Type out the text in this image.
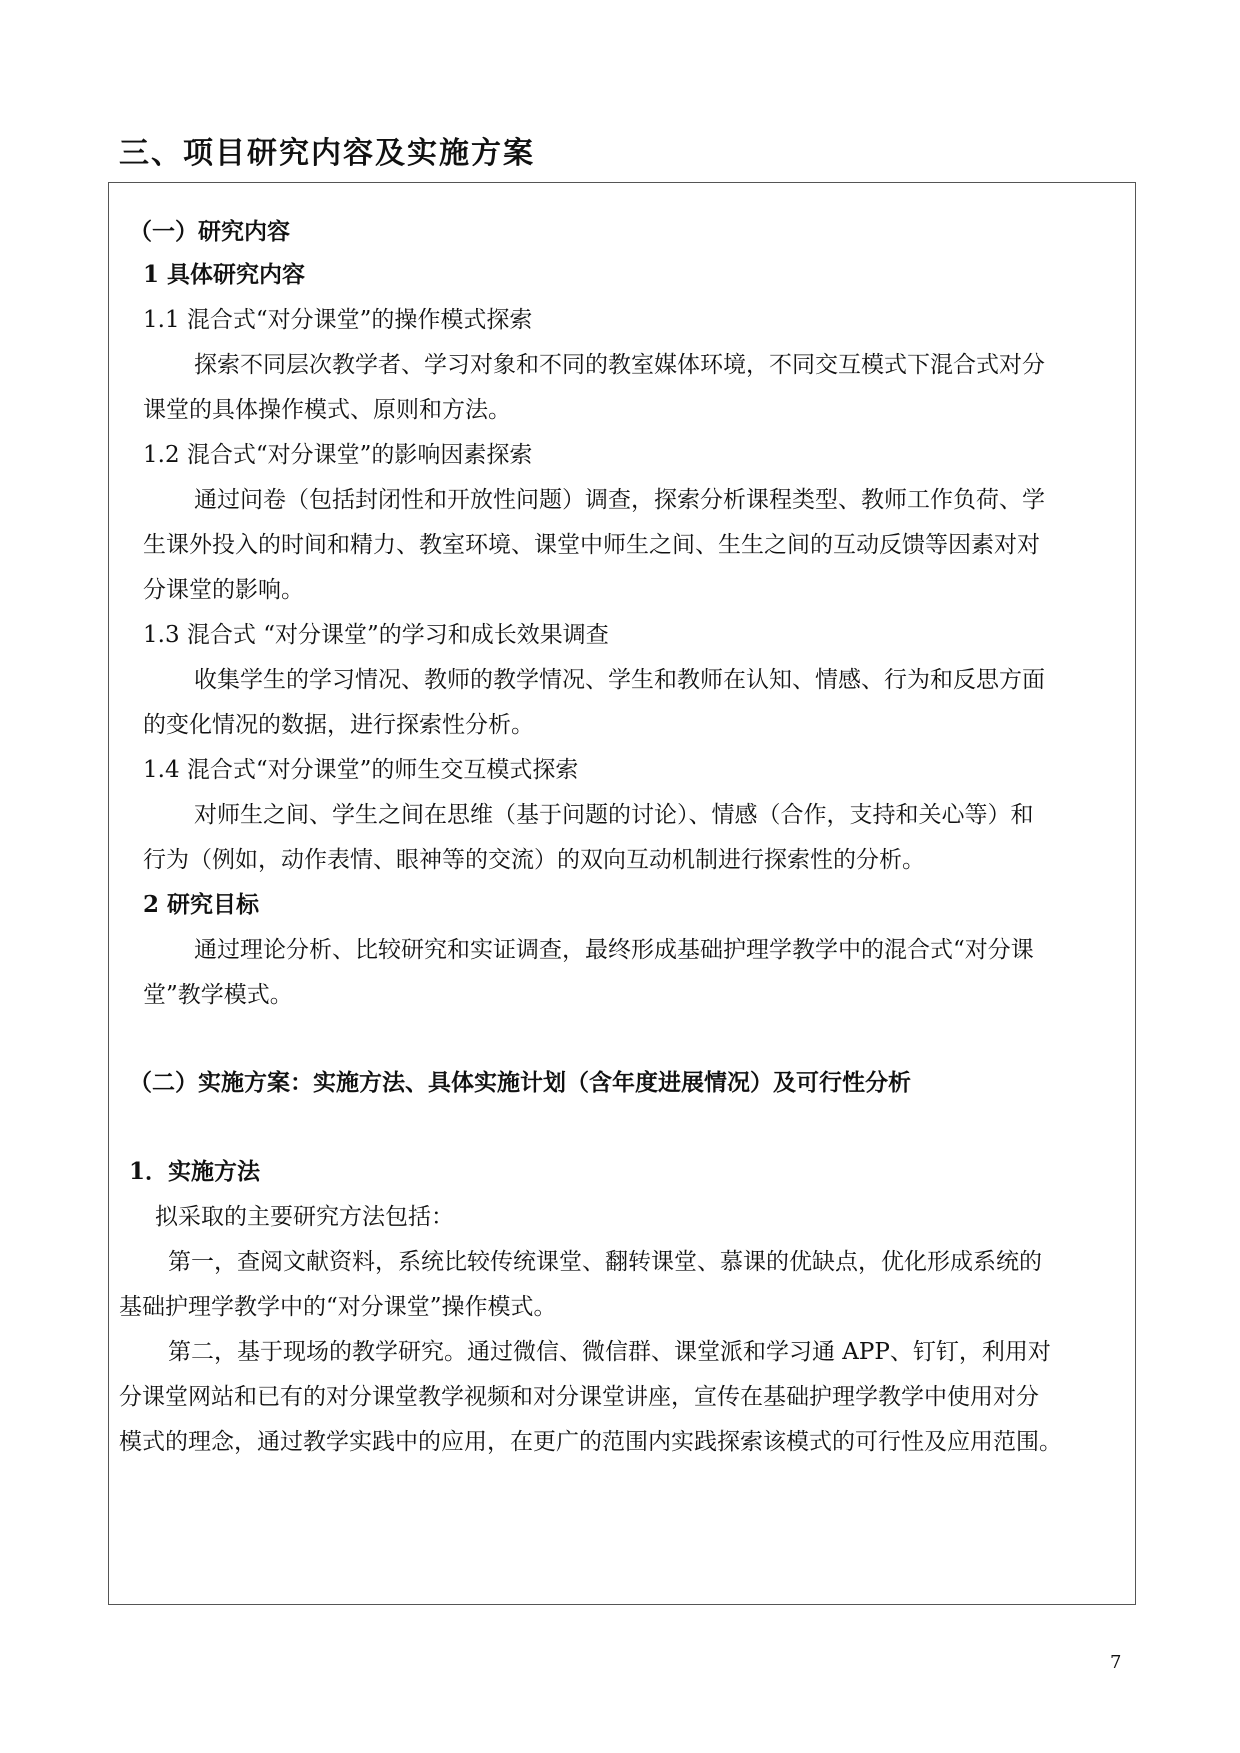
三、项目研究内容及实施方案
（一）研究内容
1 具体研究内容
1.1 混合式“对分课堂”的操作模式探索
探索不同层次教学者、学习对象和不同的教室媒体环境，不同交互模式下混合式对分
课堂的具体操作模式、原则和方法。
1.2 混合式“对分课堂”的影响因素探索
通过问卷（包括封闭性和开放性问题）调查，探索分析课程类型、教师工作负荷、学
生课外投入的时间和精力、教室环境、课堂中师生之间、生生之间的互动反馈等因素对对
分课堂的影响。
1.3 混合式 “对分课堂”的学习和成长效果调查
收集学生的学习情况、教师的教学情况、学生和教师在认知、情感、行为和反思方面
的变化情况的数据，进行探索性分析。
1.4 混合式“对分课堂”的师生交互模式探索
对师生之间、学生之间在思维（基于问题的讨论）、情感（合作，支持和关心等）和
行为（例如，动作表情、眼神等的交流）的双向互动机制进行探索性的分析。
2 研究目标
通过理论分析、比较研究和实证调查，最终形成基础护理学教学中的混合式“对分课
堂”教学模式。
（二）实施方案：实施方法、具体实施计划（含年度进展情况）及可行性分析
1．实施方法
拟采取的主要研究方法包括：
第一，查阅文献资料，系统比较传统课堂、翻转课堂、慕课的优缺点，优化形成系统的
基础护理学教学中的“对分课堂”操作模式。
第二，基于现场的教学研究。通过微信、微信群、课堂派和学习通 APP、钉钉，利用对
分课堂网站和已有的对分课堂教学视频和对分课堂讲座，宣传在基础护理学教学中使用对分
模式的理念，通过教学实践中的应用，在更广的范围内实践探索该模式的可行性及应用范围。
7
